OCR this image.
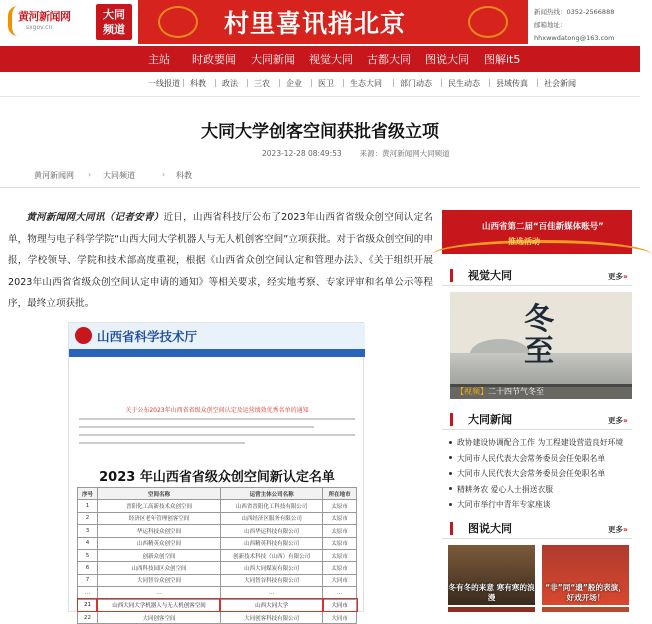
黄河新闻网
sxgov.cn
大同
频道	村里喜讯捎北京	新闻热线：0352-2566888
邮箱地址：hhxwwdatong@163.com
主站 时政要闻 大同新闻 视觉大同 古都大同 图说大同 图解it5
一线报道 | 科教 | 政法 | 三农 | 企业 | 医卫 | 生态大同 | 部门动态 | 民生动态 | 县域传真 | 社会新闻
大同大学创客空间获批省级立项
2023-12-28 08:49:53 来源：黄河新闻网大同频道
黄河新闻网 › 大同频道	› 科教
黄河新闻网大同讯（记者安青）近日，山西省科技厅公布了2023年山西省省级众创空间认定名单，物理与电子科学学院“山西大同大学机器人与无人机创客空间”立项获批。对于省级众创空间的申报，学校领导、学院和技术部高度重视，根据《山西省众创空间认定和管理办法》、《关于组织开展2023年山西省省级众创空间认定申请的通知》等相关要求，经实地考察、专家评审和名单公示等程序，最终立项获批。
山西省科学技术厅
关于公布2023年山西省省级众创空间认定及运营绩效优秀名单的通知
2023 年山西省省级众创空间新认定名单
序号	空间名称	运营主体公司名称	所在地市
1	晋阳化工高新技术众创空间	山西省晋阳化工科技有限公司	太原市
2	经济区老年管理创客空间	山西经济区服务有限公司	太原市
3	华运科技众创空间	山西华运科技有限公司	太原市
4	山西精英众创空间	山西精英科技有限公司	太原市
5	创新众创空间	创新技术科技（山西）有限公司	太原市
6	山西科技园区众创空间	山西大同煤炭有限公司	太原市
7	大同智谷众创空间	大同智谷科技有限公司	大同市
…	…	…	…
21	山西大同大学机器人与无人机创客空间	山西大同大学	大同市
22	大同创客空间	大同创客科技有限公司	大同市
山西省第二届“百佳新媒体账号”
推选活动
视觉大同	更多»
冬
至
【视频】二十四节气冬至
大同新闻	更多»
政协建设协调配合工作 为工程建设营造良好环境
大同市人民代表大会常务委员会任免职名单
大同市人民代表大会常务委员会任免职名单
精耕务农 爱心人士捐送衣服
大同市举行中青年专家座谈
图说大同	更多»
冬有冬的来意 寒有寒的浪漫
“非”同“遗”般的表演，好戏开场！
